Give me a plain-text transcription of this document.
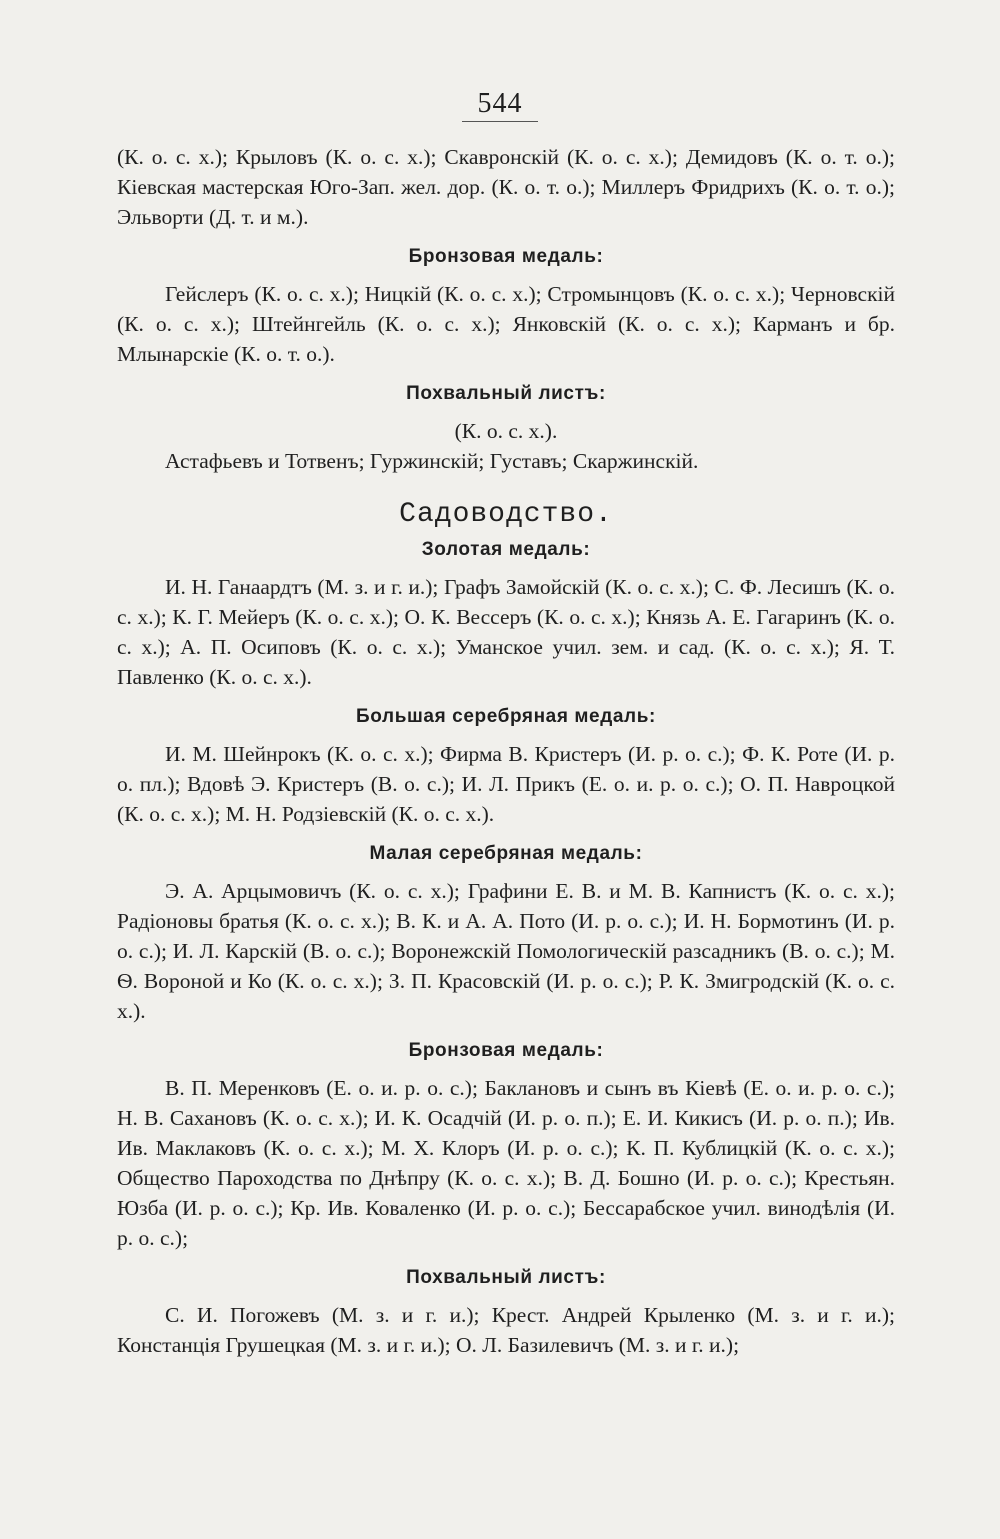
544

(К. о. с. х.); Крыловъ (К. о. с. х.); Скавронскій (К. о. с. х.); Демидовъ (К. о. т. о.); Кіевская мастерская Юго-Зап. жел. дор. (К. о. т. о.); Миллеръ Фридрихъ (К. о. т. о.); Эльворти (Д. т. и м.).

Бронзовая медаль:

Гейслеръ (К. о. с. х.); Ницкій (К. о. с. х.); Стромынцовъ (К. о. с. х.); Черновскій (К. о. с. х.); Штейнгейль (К. о. с. х.); Янковскій (К. о. с. х.); Карманъ и бр. Млынарскіе (К. о. т. о.).

Похвальный листъ:

(К. о. с. х.).

Астафьевъ и Тотвенъ; Гуржинскій; Густавъ; Скаржинскій.

Садоводство.
Золотая медаль:

И. Н. Ганаардтъ (М. з. и г. и.); Графъ Замойскій (К. о. с. х.); С. Ф. Лесишъ (К. о. с. х.); К. Г. Мейеръ (К. о. с. х.); О. К. Вессеръ (К. о. с. х.); Князь А. Е. Гагаринъ (К. о. с. х.); А. П. Осиповъ (К. о. с. х.); Уманское учил. зем. и сад. (К. о. с. х.); Я. Т. Павленко (К. о. с. х.).

Большая серебряная медаль:

И. М. Шейнрокъ (К. о. с. х.); Фирма В. Кристеръ (И. р. о. с.); Ф. К. Роте (И. р. о. пл.); Вдовѣ Э. Кристеръ (В. о. с.); И. Л. Прикъ (Е. о. и. р. о. с.); О. П. Навроцкой (К. о. с. х.); М. Н. Родзіевскій (К. о. с. х.).

Малая серебряная медаль:

Э. А. Арцымовичъ (К. о. с. х.); Графини Е. В. и М. В. Капнистъ (К. о. с. х.); Радіоновы братья (К. о. с. х.); В. К. и А. А. Пото (И. р. о. с.); И. Н. Бормотинъ (И. р. о. с.); И. Л. Карскій (В. о. с.); Воронежскій Помологическій разсадникъ (В. о. с.); М. Ѳ. Вороной и Ко (К. о. с. х.); З. П. Красовскій (И. р. о. с.); Р. К. Змигродскій (К. о. с. х.).

Бронзовая медаль:

В. П. Меренковъ (Е. о. и. р. о. с.); Баклановъ и сынъ въ Кіевѣ (Е. о. и. р. о. с.); Н. В. Сахановъ (К. о. с. х.); И. К. Осадчій (И. р. о. п.); Е. И. Кикисъ (И. р. о. п.); Ив. Ив. Маклаковъ (К. о. с. х.); М. Х. Клоръ (И. р. о. с.); К. П. Кублицкій (К. о. с. х.); Общество Пароходства по Днѣпру (К. о. с. х.); В. Д. Бошно (И. р. о. с.); Крестьян. Юзба (И. р. о. с.); Кр. Ив. Коваленко (И. р. о. с.); Бессарабское учил. винодѣлія (И. р. о. с.);

Похвальный листъ:

С. И. Погожевъ (М. з. и г. и.); Крест. Андрей Крыленко (М. з. и г. и.); Констанція Грушецкая (М. з. и г. и.); О. Л. Базилевичъ (М. з. и г. и.);
